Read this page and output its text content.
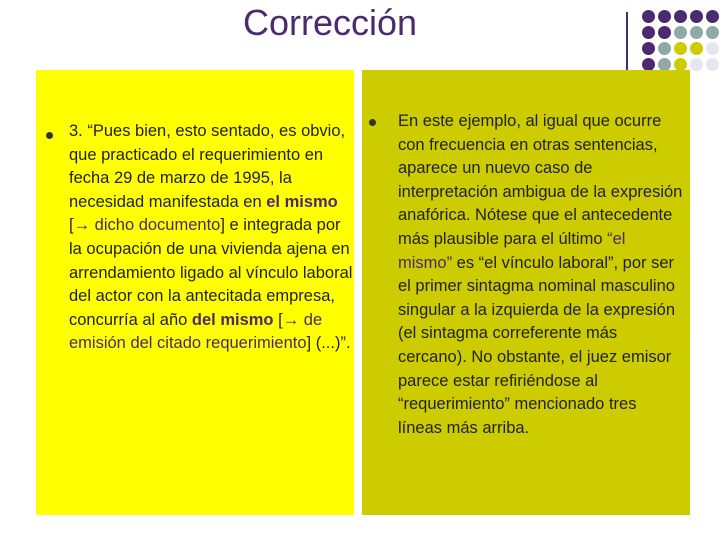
Corrección
3. “Pues bien, esto sentado, es obvio, que practicado el requerimiento en fecha 29 de marzo de 1995, la necesidad manifestada en el mismo [→ dicho documento] e integrada por la ocupación de una vivienda ajena en arrendamiento ligado al vínculo laboral del actor con la antecitada empresa, concurría al año del mismo [→ de emisión del citado requerimiento] (...)”.
En este ejemplo, al igual que ocurre con frecuencia en otras sentencias, aparece un nuevo caso de interpretación ambigua de la expresión anafórica. Nótese que el antecedente más plausible para el último “el mismo” es “el vínculo laboral”, por ser el primer sintagma nominal masculino singular a la izquierda de la expresión (el sintagma correferente más cercano). No obstante, el juez emisor parece estar refiriéndose al “requerimiento” mencionado tres líneas más arriba.
